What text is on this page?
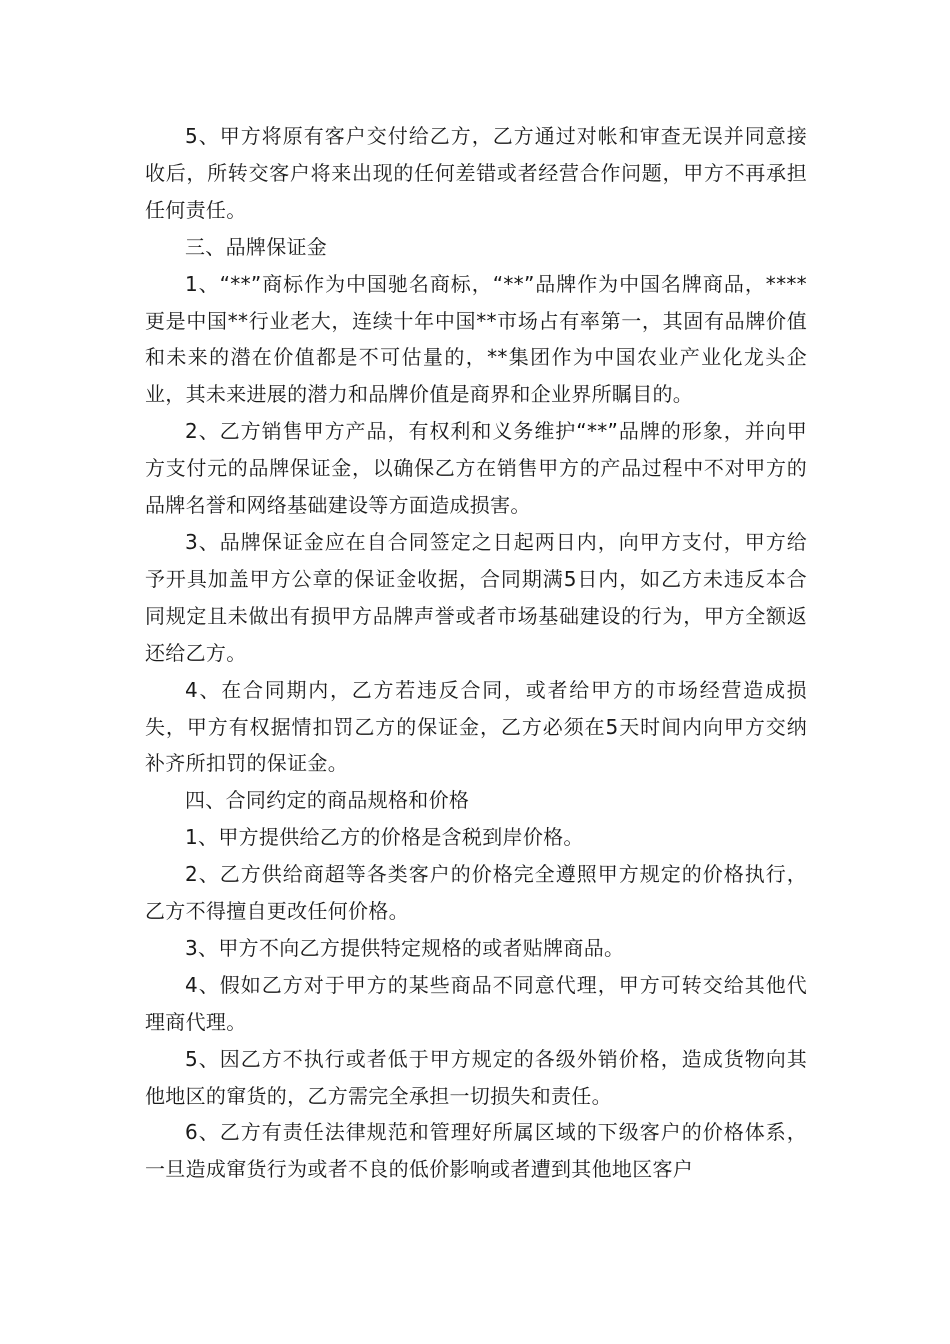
5、甲方将原有客户交付给乙方，乙方通过对帐和审查无误并同意接收后，所转交客户将来出现的任何差错或者经营合作问题，甲方不再承担任何责任。

三、品牌保证金

1、“**”商标作为中国驰名商标，“**”品牌作为中国名牌商品，****更是中国**行业老大，连续十年中国**市场占有率第一，其固有品牌价值和未来的潜在价值都是不可估量的，**集团作为中国农业产业化龙头企业，其未来进展的潜力和品牌价值是商界和企业界所瞩目的。

2、乙方销售甲方产品，有权利和义务维护“**”品牌的形象，并向甲方支付元的品牌保证金，以确保乙方在销售甲方的产品过程中不对甲方的品牌名誉和网络基础建设等方面造成损害。

3、品牌保证金应在自合同签定之日起两日内，向甲方支付，甲方给予开具加盖甲方公章的保证金收据，合同期满5日内，如乙方未违反本合同规定且未做出有损甲方品牌声誉或者市场基础建设的行为，甲方全额返还给乙方。

4、在合同期内，乙方若违反合同，或者给甲方的市场经营造成损失，甲方有权据情扣罚乙方的保证金，乙方必须在5天时间内向甲方交纳补齐所扣罚的保证金。

四、合同约定的商品规格和价格

1、甲方提供给乙方的价格是含税到岸价格。

2、乙方供给商超等各类客户的价格完全遵照甲方规定的价格执行，乙方不得擅自更改任何价格。

3、甲方不向乙方提供特定规格的或者贴牌商品。

4、假如乙方对于甲方的某些商品不同意代理，甲方可转交给其他代理商代理。

5、因乙方不执行或者低于甲方规定的各级外销价格，造成货物向其他地区的窜货的，乙方需完全承担一切损失和责任。

6、乙方有责任法律规范和管理好所属区域的下级客户的价格体系，一旦造成窜货行为或者不良的低价影响或者遭到其他地区客户
